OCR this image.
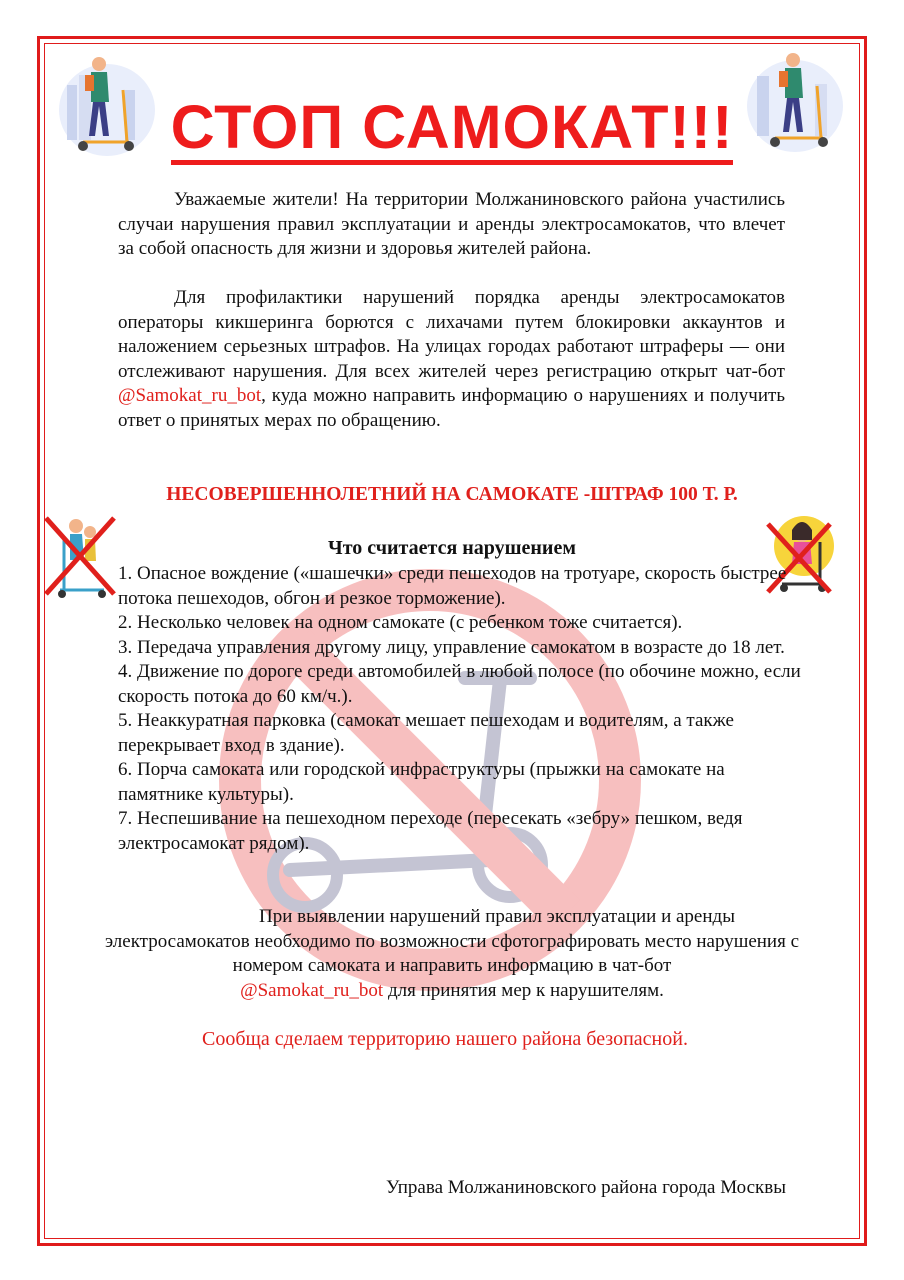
СТОП САМОКАТ!!!

Уважаемые жители! На территории Молжаниновского района участились случаи нарушения правил эксплуатации и аренды электросамокатов, что влечет за собой опасность для жизни и здоровья жителей района.

Для профилактики нарушений порядка аренды электросамокатов операторы кикшеринга борются с лихачами путем блокировки аккаунтов и наложением серьезных штрафов. На улицах городах работают штраферы — они отслеживают нарушения. Для всех жителей через регистрацию открыт чат-бот @Samokat_ru_bot, куда можно направить информацию о нарушениях и получить ответ о принятых мерах по обращению.

НЕСОВЕРШЕННОЛЕТНИЙ НА САМОКАТЕ -ШТРАФ 100 Т. Р.
Что считается нарушением
1. Опасное вождение («шашечки» среди пешеходов на тротуаре, скорость быстрее потока пешеходов, обгон и резкое торможение).
2. Несколько человек на одном самокате (с ребенком тоже считается).
3. Передача управления другому лицу, управление самокатом в возрасте до 18 лет.
4. Движение по дороге среди автомобилей в любой полосе (по обочине можно, если скорость потока до 60 км/ч.).
5. Неаккуратная парковка (самокат мешает пешеходам и водителям, а также перекрывает вход в здание).
6. Порча самоката или городской инфраструктуры (прыжки на самокате на памятнике культуры).
7. Неспешивание на пешеходном переходе (пересекать «зебру» пешком, ведя электросамокат рядом).
При выявлении нарушений правил эксплуатации и аренды электросамокатов необходимо по возможности сфотографировать место нарушения с номером самоката и направить информацию в чат-бот
@Samokat_ru_bot для принятия мер к нарушителям.
Сообща сделаем территорию нашего района безопасной.
Управа Молжаниновского района города Москвы
